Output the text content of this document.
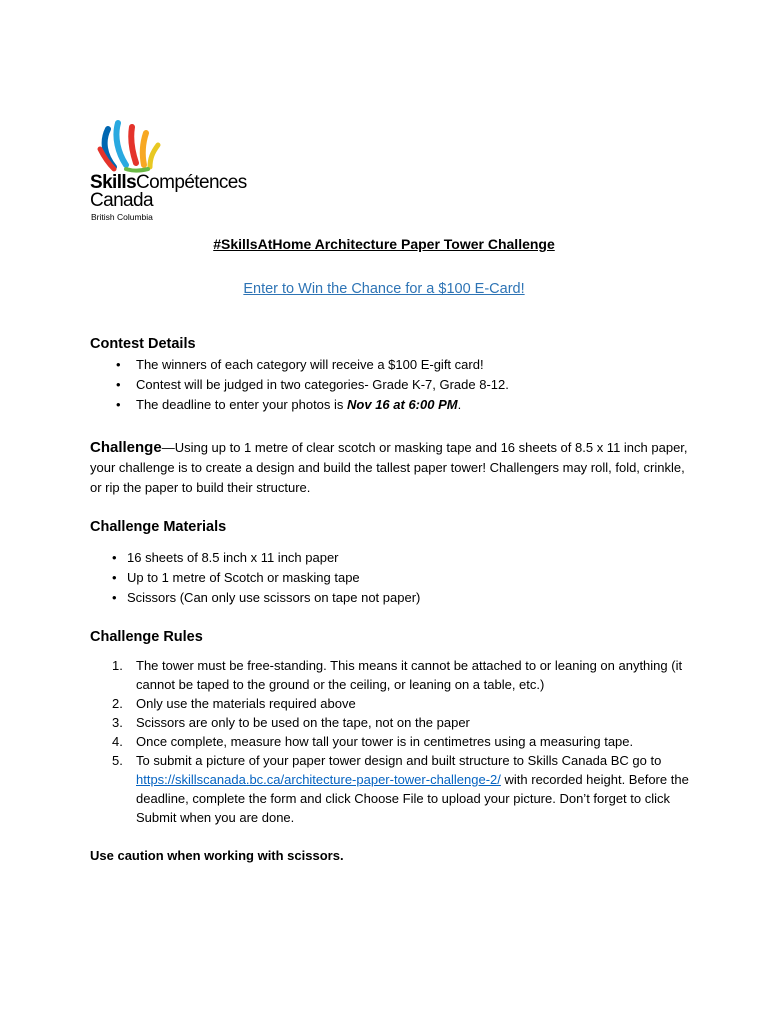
SkillsCompétences
Canada
British Columbia
#SkillsAtHome Architecture Paper Tower Challenge
Enter to Win the Chance for a $100 E-Card!
Contest Details
• The winners of each category will receive a $100 E-gift card!
• Contest will be judged in two categories- Grade K-7, Grade 8-12.
• The deadline to enter your photos is Nov 16 at 6:00 PM.
Challenge—Using up to 1 metre of clear scotch or masking tape and 16 sheets of 8.5 x 11 inch paper, your challenge is to create a design and build the tallest paper tower! Challengers may roll, fold, crinkle, or rip the paper to build their structure.
Challenge Materials
• 16 sheets of 8.5 inch x 11 inch paper
• Up to 1 metre of Scotch or masking tape
• Scissors (Can only use scissors on tape not paper)
Challenge Rules
1. The tower must be free-standing. This means it cannot be attached to or leaning on anything (it cannot be taped to the ground or the ceiling, or leaning on a table, etc.)
2. Only use the materials required above
3. Scissors are only to be used on the tape, not on the paper
4. Once complete, measure how tall your tower is in centimetres using a measuring tape.
5. To submit a picture of your paper tower design and built structure to Skills Canada BC go to https://skillscanada.bc.ca/architecture-paper-tower-challenge-2/ with recorded height. Before the deadline, complete the form and click Choose File to upload your picture. Don’t forget to click Submit when you are done.
Use caution when working with scissors.
